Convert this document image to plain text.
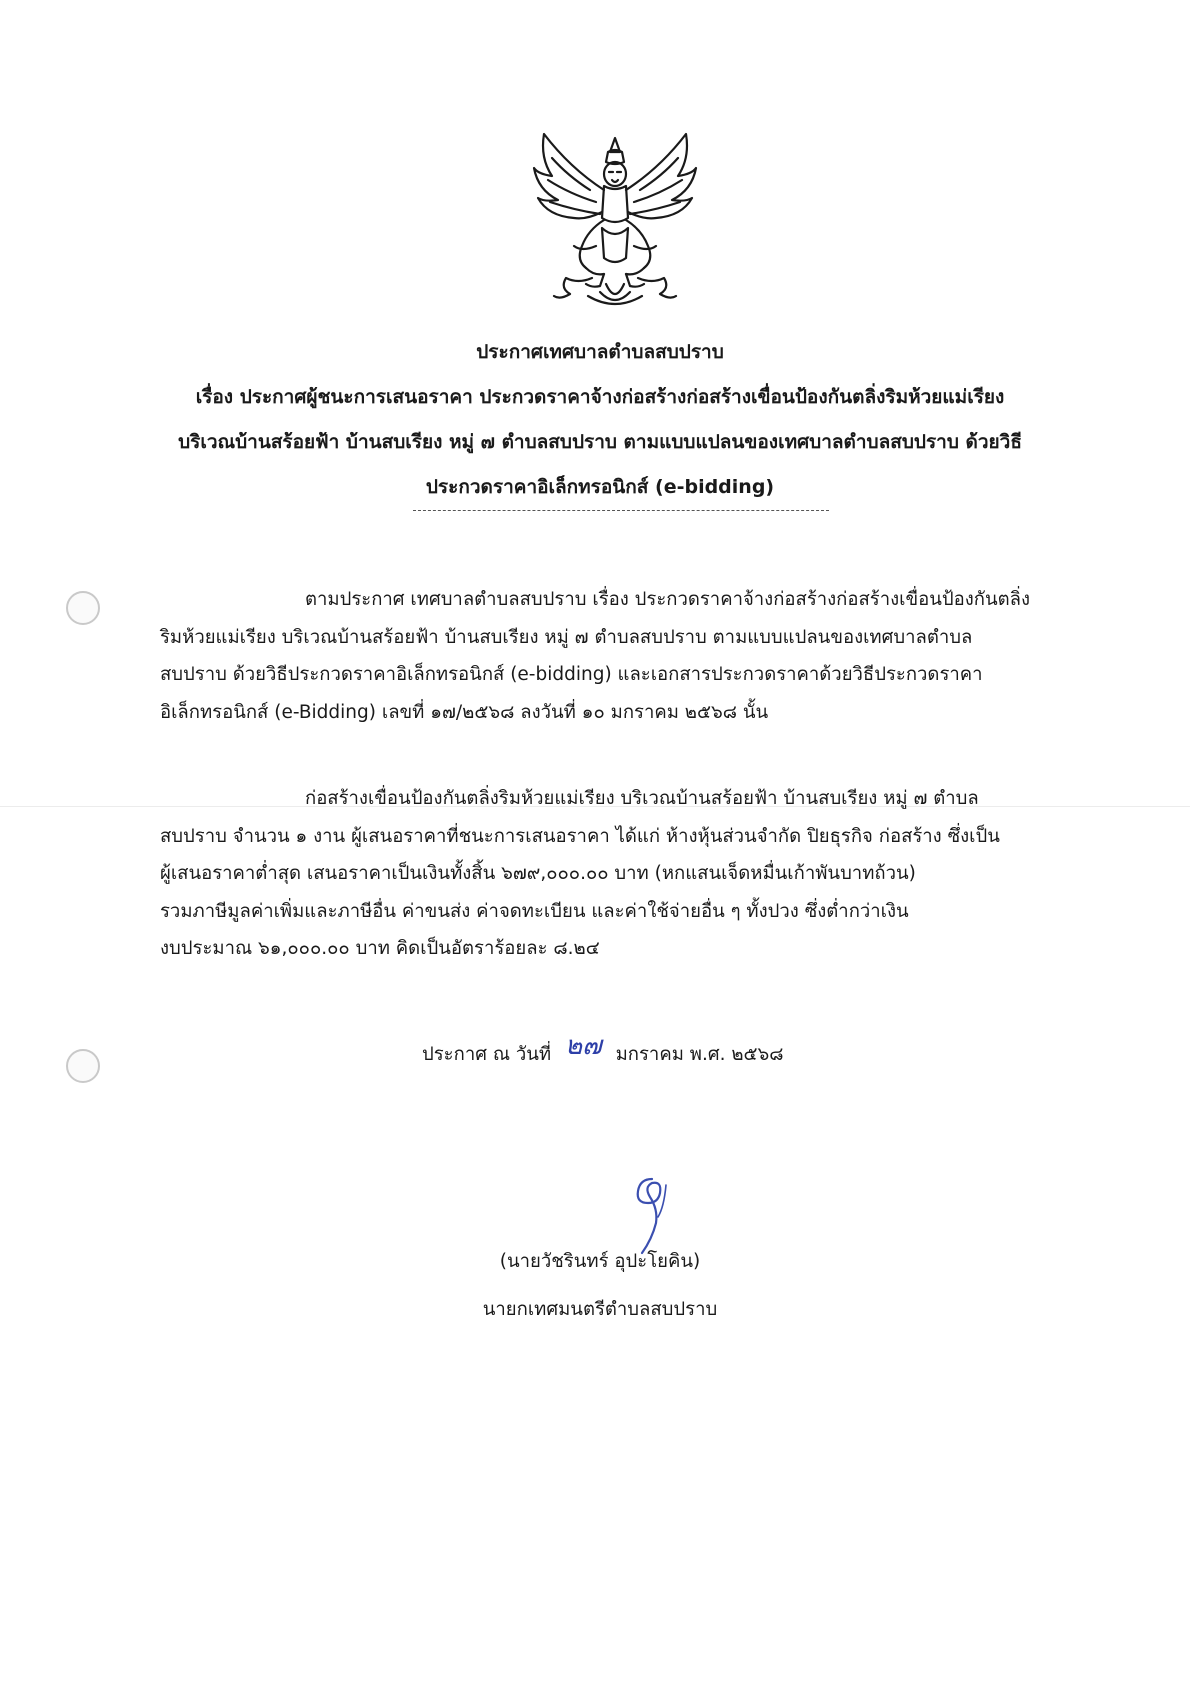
ประกาศเทศบาลตำบลสบปราบ
เรื่อง ประกาศผู้ชนะการเสนอราคา ประกวดราคาจ้างก่อสร้างก่อสร้างเขื่อนป้องกันตลิ่งริมห้วยแม่เรียง
บริเวณบ้านสร้อยฟ้า บ้านสบเรียง หมู่ ๗ ตำบลสบปราบ ตามแบบแปลนของเทศบาลตำบลสบปราบ ด้วยวิธี
ประกวดราคาอิเล็กทรอนิกส์ (e-bidding)
ตามประกาศ เทศบาลตำบลสบปราบ เรื่อง ประกวดราคาจ้างก่อสร้างก่อสร้างเขื่อนป้องกันตลิ่ง
ริมห้วยแม่เรียง บริเวณบ้านสร้อยฟ้า บ้านสบเรียง หมู่ ๗ ตำบลสบปราบ ตามแบบแปลนของเทศบาลตำบล
สบปราบ ด้วยวิธีประกวดราคาอิเล็กทรอนิกส์ (e-bidding) และเอกสารประกวดราคาด้วยวิธีประกวดราคา
อิเล็กทรอนิกส์ (e-Bidding) เลขที่ ๑๗/๒๕๖๘ ลงวันที่ ๑๐ มกราคม ๒๕๖๘ นั้น
ก่อสร้างเขื่อนป้องกันตลิ่งริมห้วยแม่เรียง บริเวณบ้านสร้อยฟ้า บ้านสบเรียง หมู่ ๗ ตำบล
สบปราบ จำนวน ๑ งาน ผู้เสนอราคาที่ชนะการเสนอราคา ได้แก่ ห้างหุ้นส่วนจำกัด ปิยธุรกิจ ก่อสร้าง ซึ่งเป็น
ผู้เสนอราคาต่ำสุด เสนอราคาเป็นเงินทั้งสิ้น ๖๗๙,๐๐๐.๐๐ บาท (หกแสนเจ็ดหมื่นเก้าพันบาทถ้วน)
รวมภาษีมูลค่าเพิ่มและภาษีอื่น ค่าขนส่ง ค่าจดทะเบียน และค่าใช้จ่ายอื่น ๆ ทั้งปวง ซึ่งต่ำกว่าเงิน
งบประมาณ ๖๑,๐๐๐.๐๐ บาท คิดเป็นอัตราร้อยละ ๘.๒๔
ประกาศ ณ วันที่ ๒๗ มกราคม พ.ศ. ๒๕๖๘
(นายวัชรินทร์ อุปะโยคิน)
นายกเทศมนตรีตำบลสบปราบ
